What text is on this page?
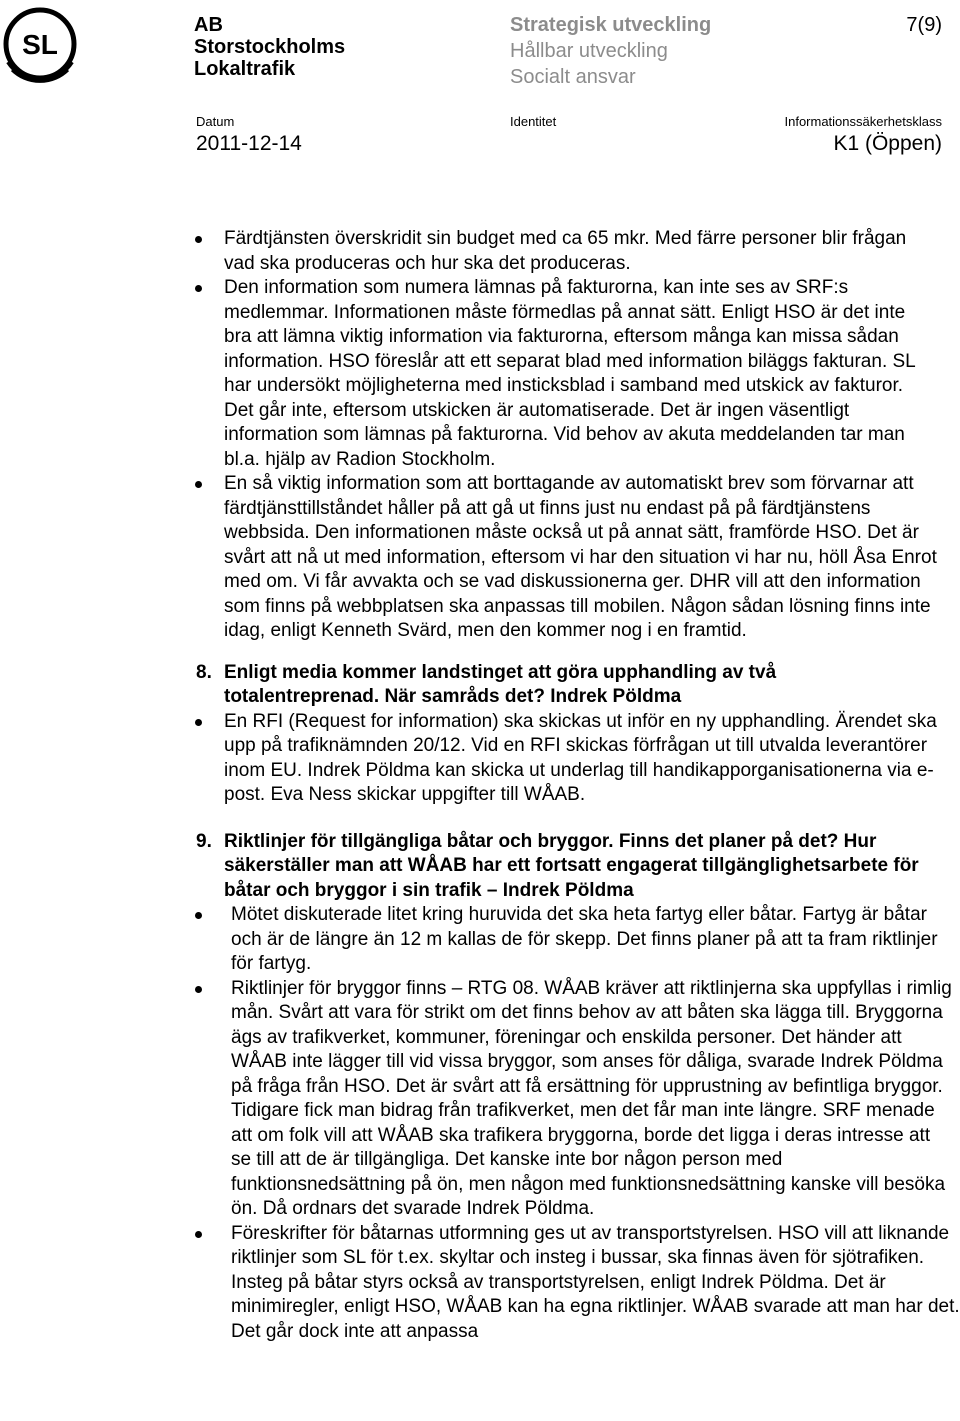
SL
AB
Storstockholms
Lokaltrafik
Strategisk utveckling
Hållbar utveckling
Socialt ansvar
7(9)
Datum
2011-12-14
Identitet	Informationssäkerhetsklass
K1 (Öppen)
Färdtjänsten överskridit sin budget med ca 65 mkr. Med färre personer blir frågan vad ska produceras och hur ska det produceras.
Den information som numera lämnas på fakturorna, kan inte ses av SRF:s medlemmar. Informationen måste förmedlas på annat sätt. Enligt HSO är det inte bra att lämna viktig information via fakturorna, eftersom många kan missa sådan information. HSO föreslår att ett separat blad med information biläggs fakturan. SL har undersökt möjligheterna med insticksblad i samband med utskick av fakturor. Det går inte, eftersom utskicken är automatiserade. Det är ingen väsentligt information som lämnas på fakturorna. Vid behov av akuta meddelanden tar man bl.a. hjälp av Radion Stockholm.
En så viktig information som att borttagande av automatiskt brev som förvarnar att färdtjänsttillståndet håller på att gå ut finns just nu endast på på färdtjänstens webbsida. Den informationen måste också ut på annat sätt, framförde HSO. Det är svårt att nå ut med information, eftersom vi har den situation vi har nu, höll Åsa Enrot med om. Vi får avvakta och se vad diskussionerna ger. DHR vill att den information som finns på webbplatsen ska anpassas till mobilen. Någon sådan lösning finns inte idag, enligt Kenneth Svärd, men den kommer nog i en framtid.
8. Enligt media kommer landstinget att göra upphandling av två totalentreprenad. När samråds det? Indrek Pöldma
En RFI (Request for information) ska skickas ut inför en ny upphandling. Ärendet ska upp på trafiknämnden 20/12. Vid en RFI skickas förfrågan ut till utvalda leverantörer inom EU. Indrek Pöldma kan skicka ut underlag till handikapporganisationerna via e-post. Eva Ness skickar uppgifter till WÅAB.
9. Riktlinjer för tillgängliga båtar och bryggor. Finns det planer på det? Hur säkerställer man att WÅAB har ett fortsatt engagerat tillgänglighetsarbete för båtar och bryggor i sin trafik – Indrek Pöldma
Mötet diskuterade litet kring huruvida det ska heta fartyg eller båtar. Fartyg är båtar och är de längre än 12 m kallas de för skepp. Det finns planer på att ta fram riktlinjer för fartyg.
Riktlinjer för bryggor finns – RTG 08. WÅAB kräver att riktlinjerna ska uppfyllas i rimlig mån. Svårt att vara för strikt om det finns behov av att båten ska lägga till. Bryggorna ägs av trafikverket, kommuner, föreningar och enskilda personer. Det händer att WÅAB inte lägger till vid vissa bryggor, som anses för dåliga, svarade Indrek Pöldma på fråga från HSO. Det är svårt att få ersättning för upprustning av befintliga bryggor. Tidigare fick man bidrag från trafikverket, men det får man inte längre. SRF menade att om folk vill att WÅAB ska trafikera bryggorna, borde det ligga i deras intresse att se till att de är tillgängliga. Det kanske inte bor någon person med funktionsnedsättning på ön, men någon med funktionsnedsättning kanske vill besöka ön. Då ordnars det svarade Indrek Pöldma.
Föreskrifter för båtarnas utformning ges ut av transportstyrelsen. HSO vill att liknande riktlinjer som SL för t.ex. skyltar och insteg i bussar, ska finnas även för sjötrafiken. Insteg på båtar styrs också av transportstyrelsen, enligt Indrek Pöldma. Det är minimiregler, enligt HSO, WÅAB kan ha egna riktlinjer. WÅAB svarade att man har det. Det går dock inte att anpassa
